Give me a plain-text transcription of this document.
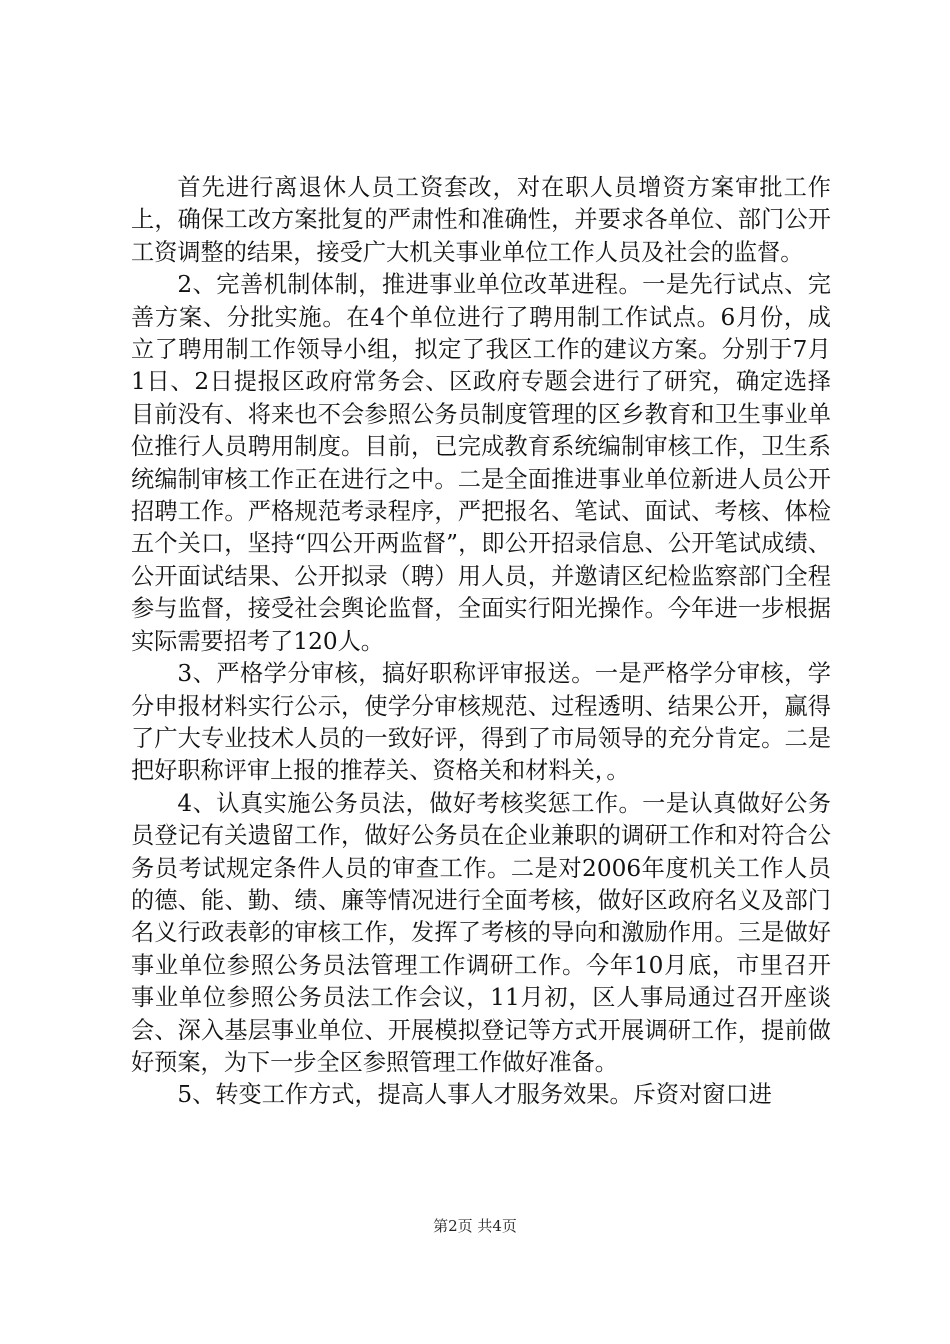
首先进行离退休人员工资套改，对在职人员增资方案审批工作上，确保工改方案批复的严肃性和准确性，并要求各单位、部门公开工资调整的结果，接受广大机关事业单位工作人员及社会的监督。

2、完善机制体制，推进事业单位改革进程。一是先行试点、完善方案、分批实施。在4个单位进行了聘用制工作试点。6月份，成立了聘用制工作领导小组，拟定了我区工作的建议方案。分别于7月1日、2日提报区政府常务会、区政府专题会进行了研究，确定选择目前没有、将来也不会参照公务员制度管理的区乡教育和卫生事业单位推行人员聘用制度。目前，已完成教育系统编制审核工作，卫生系统编制审核工作正在进行之中。二是全面推进事业单位新进人员公开招聘工作。严格规范考录程序，严把报名、笔试、面试、考核、体检五个关口，坚持“四公开两监督”，即公开招录信息、公开笔试成绩、公开面试结果、公开拟录（聘）用人员，并邀请区纪检监察部门全程参与监督，接受社会舆论监督，全面实行阳光操作。今年进一步根据实际需要招考了120人。

3、严格学分审核，搞好职称评审报送。一是严格学分审核，学分申报材料实行公示，使学分审核规范、过程透明、结果公开，赢得了广大专业技术人员的一致好评，得到了市局领导的充分肯定。二是把好职称评审上报的推荐关、资格关和材料关，。

4、认真实施公务员法，做好考核奖惩工作。一是认真做好公务员登记有关遗留工作，做好公务员在企业兼职的调研工作和对符合公务员考试规定条件人员的审查工作。二是对2006年度机关工作人员的德、能、勤、绩、廉等情况进行全面考核，做好区政府名义及部门名义行政表彰的审核工作，发挥了考核的导向和激励作用。三是做好事业单位参照公务员法管理工作调研工作。今年10月底，市里召开事业单位参照公务员法工作会议，11月初，区人事局通过召开座谈会、深入基层事业单位、开展模拟登记等方式开展调研工作，提前做好预案，为下一步全区参照管理工作做好准备。

5、转变工作方式，提高人事人才服务效果。斥资对窗口进

第2页 共4页
